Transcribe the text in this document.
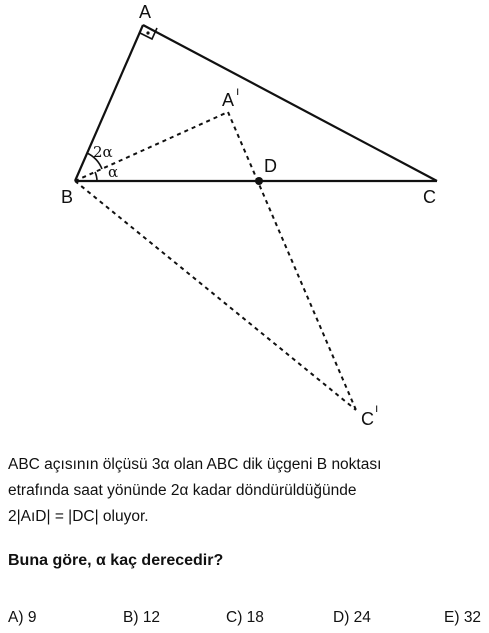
A
A ı
B	C
C
ı
D
2α
α

ABC açısının ölçüsü 3α olan ABC dik üçgeni B noktası

etrafında saat yönünde 2α kadar döndürüldüğünde

2|AıD| = |DC| oluyor.

Buna göre, α kaç derecedir?
A) 9	B) 12	C) 18	D) 24	E) 32
